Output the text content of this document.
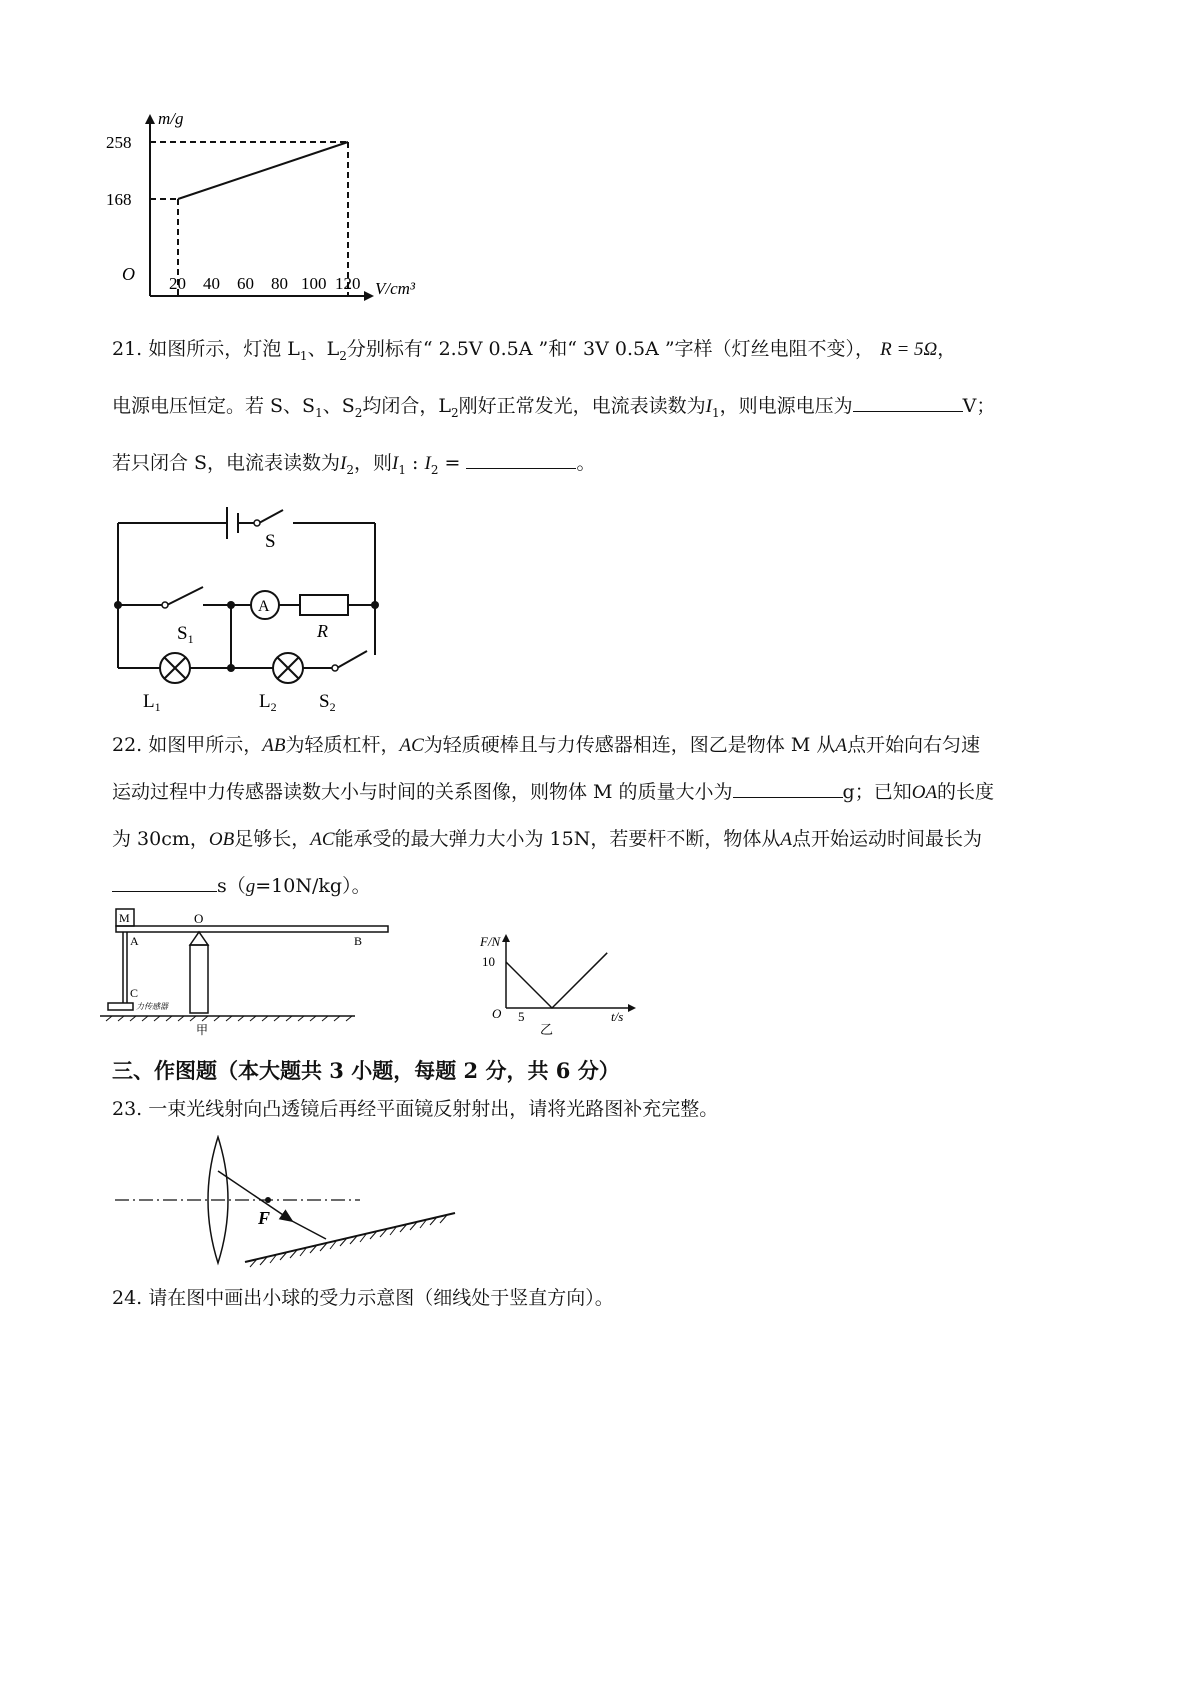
m/g
258
168
O 20 40 60 80 100 120 V/cm³
21. 如图所示，灯泡 $L_1$、$L_2$分别标有“ 2.5V 0.5A ”和“ 3V 0.5A ”字样（灯丝电阻不变）， R = 5Ω，
电源电压恒定。若 S、$S_1$、$S_2$均闭合，$L_2$刚好正常发光，电流表读数为$I_1$，则电源电压为	V；
若只闭合 S，电流表读数为$I_2$，则$I_1$ : $I_2$ =	。
S
A
R
$S_1$
$L_1$	$L_2$ $S_2$
22. 如图甲所示，AB为轻质杠杆，AC为轻质硬棒且与力传感器相连，图乙是物体 M 从A点开始向右匀速
运动过程中力传感器读数大小与时间的关系图像，则物体 M 的质量大小为	g；已知OA的长度
为 30cm，OB足够长，AC能承受的最大弹力大小为 15N，若要杆不断，物体从A点开始运动时间最长为
s（g=10N/kg）。
M	O
A	B
C
力传感器
甲
F/N
10
O 5
乙
t/s
三、作图题（本大题共 3 小题，每题 2 分，共 6 分）
23. 一束光线射向凸透镜后再经平面镜反射射出，请将光路图补充完整。
F
24. 请在图中画出小球的受力示意图（细线处于竖直方向）。
